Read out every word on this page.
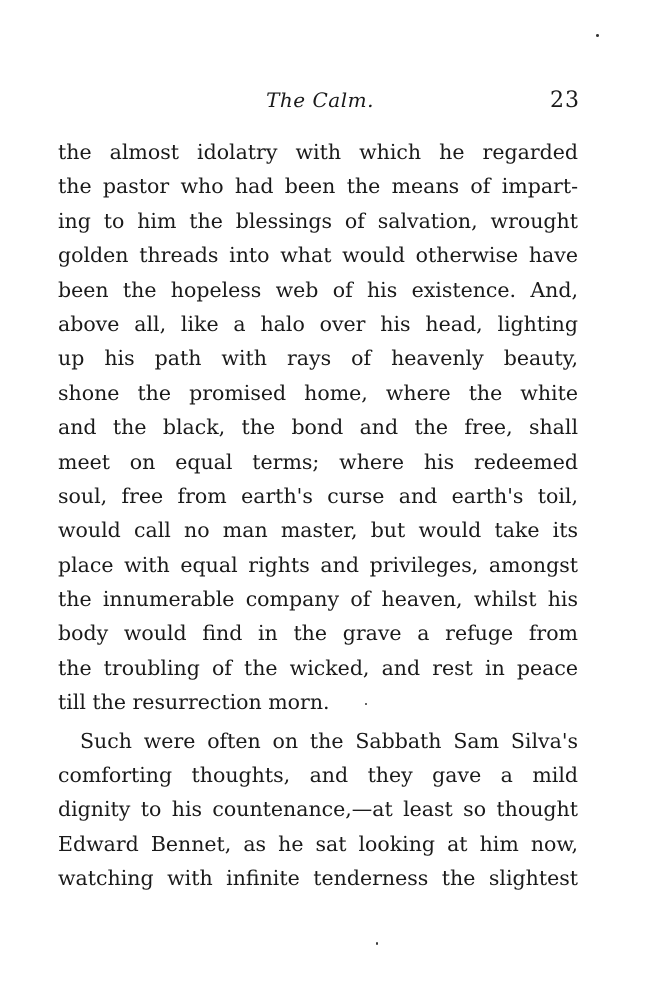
The Calm.	23
the almost idolatry with which he regarded
the pastor who had been the means of impart-
ing to him the blessings of salvation, wrought
golden threads into what would otherwise have
been the hopeless web of his existence. And,
above all, like a halo over his head, lighting
up his path with rays of heavenly beauty,
shone the promised home, where the white
and the black, the bond and the free, shall
meet on equal terms; where his redeemed
soul, free from earth's curse and earth's toil,
would call no man master, but would take its
place with equal rights and privileges, amongst
the innumerable company of heaven, whilst his
body would find in the grave a refuge from
the troubling of the wicked, and rest in peace
till the resurrection morn.
Such were often on the Sabbath Sam Silva's
comforting thoughts, and they gave a mild
dignity to his countenance,—at least so thought
Edward Bennet, as he sat looking at him now,
watching with infinite tenderness the slightest
